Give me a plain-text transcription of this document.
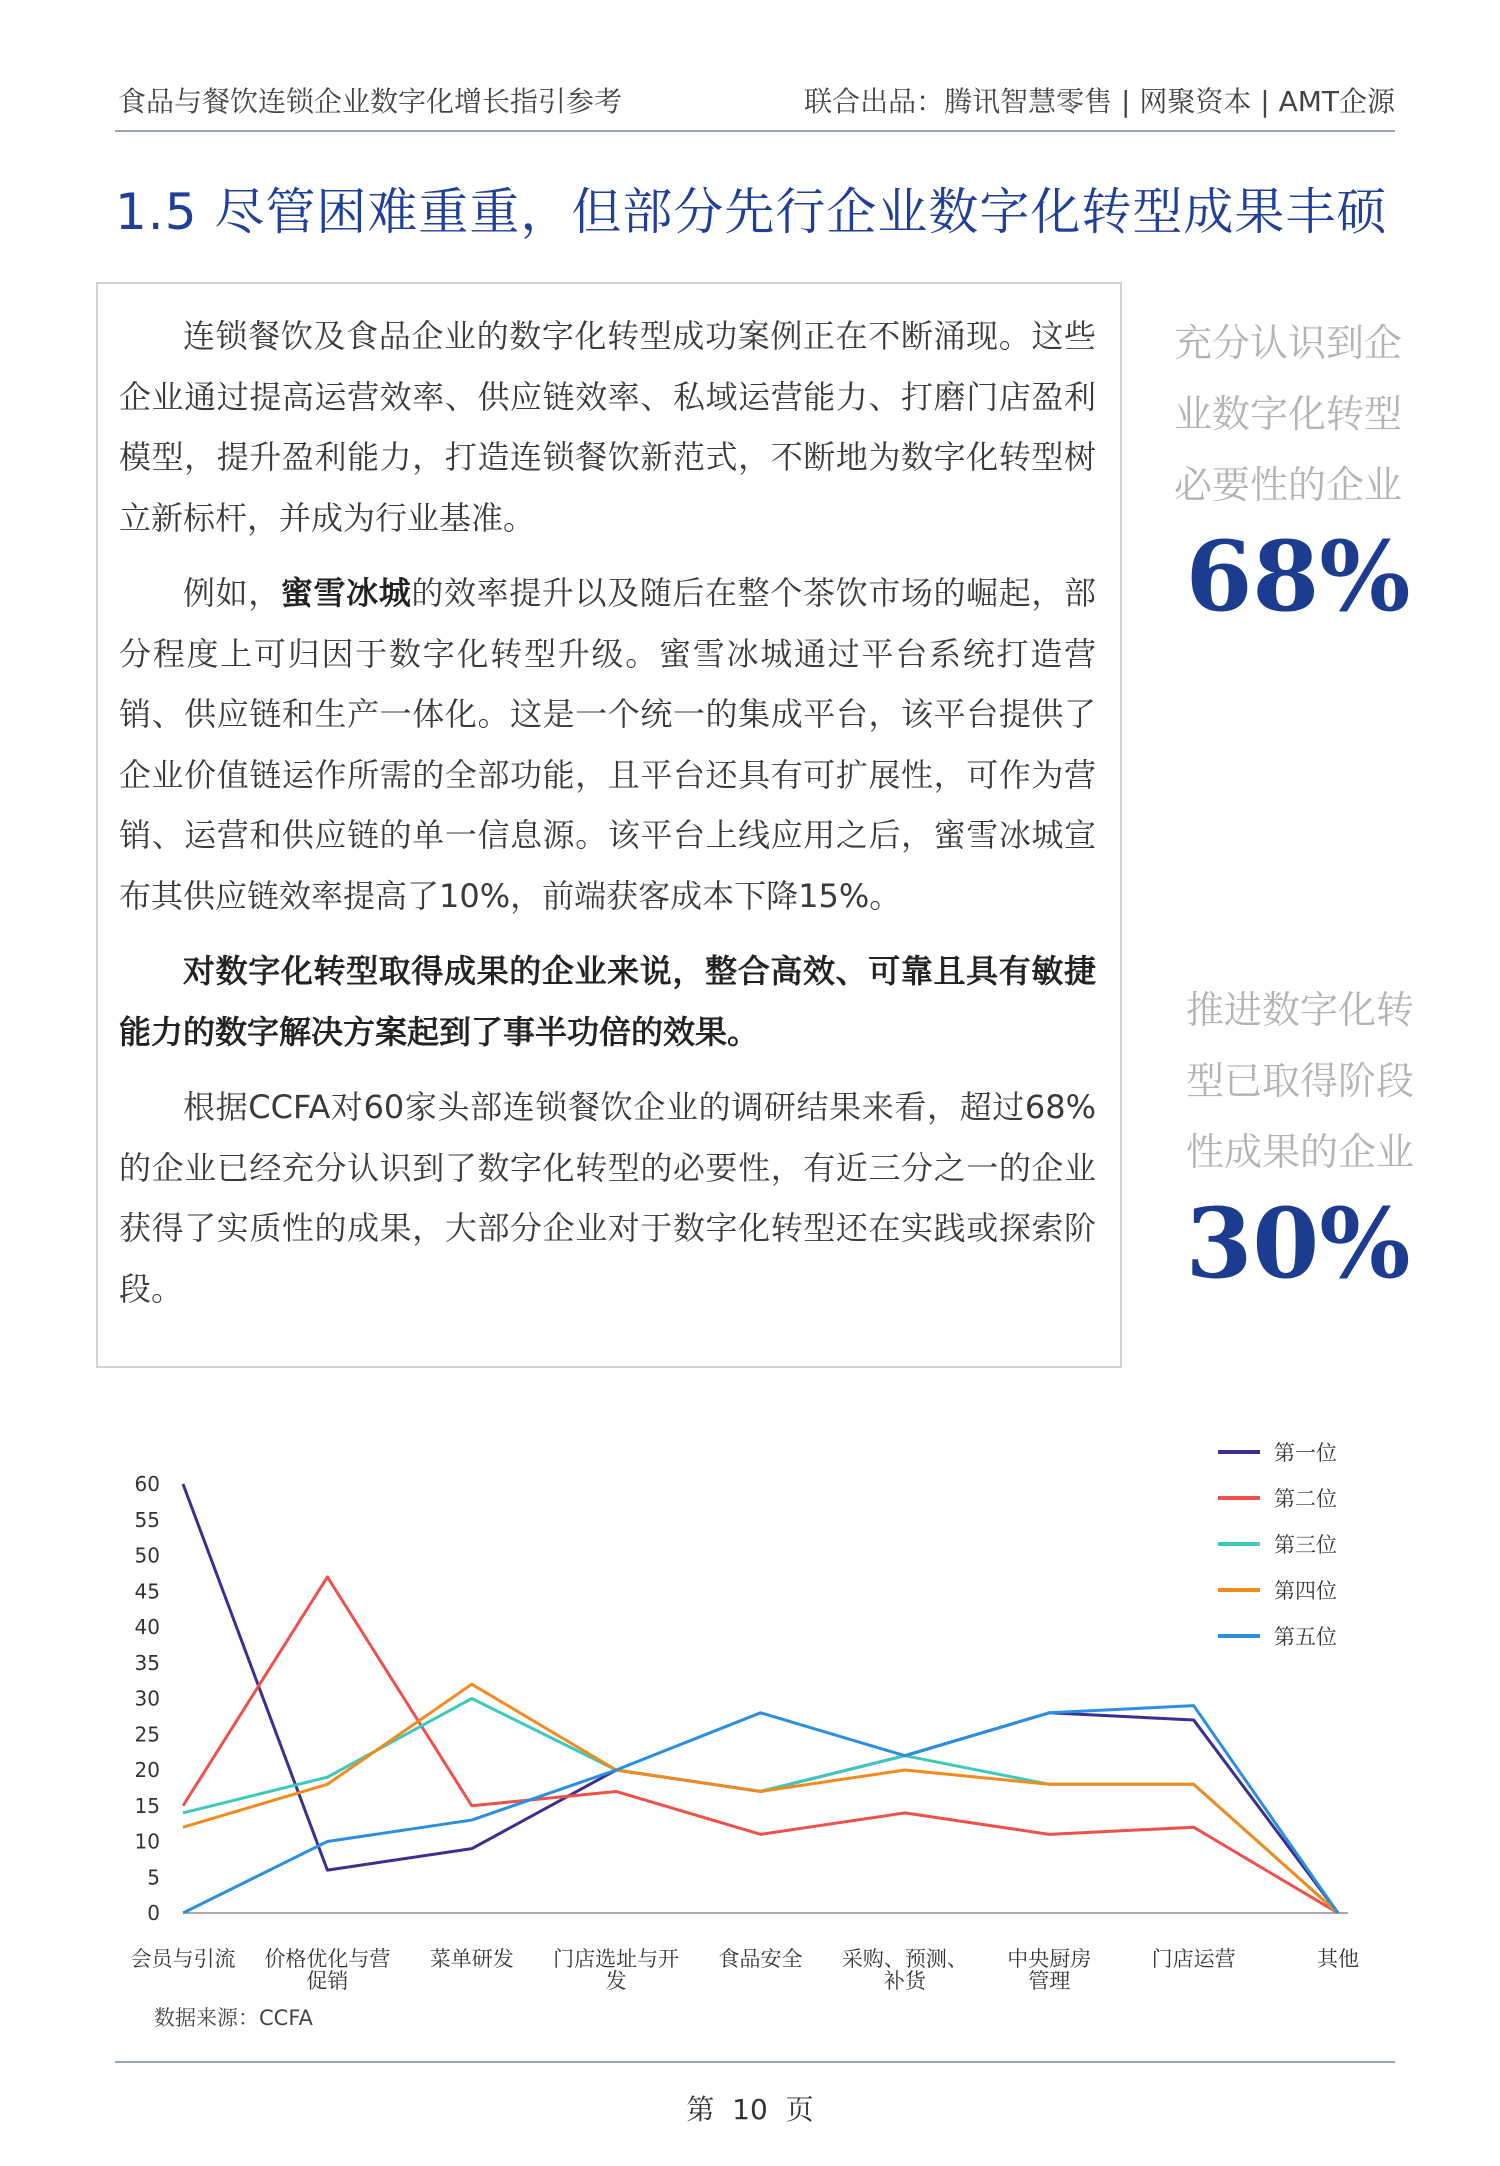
食品与餐饮连锁企业数字化增长指引参考	联合出品：腾讯智慧零售 | 网聚资本 | AMT企源
1.5 尽管困难重重，但部分先行企业数字化转型成果丰硕

连锁餐饮及食品企业的数字化转型成功案例正在不断涌现。这些企业通过提高运营效率、供应链效率、私域运营能力、打磨门店盈利模型，提升盈利能力，打造连锁餐饮新范式，不断地为数字化转型树立新标杆，并成为行业基准。

例如，蜜雪冰城的效率提升以及随后在整个茶饮市场的崛起，部分程度上可归因于数字化转型升级。蜜雪冰城通过平台系统打造营销、供应链和生产一体化。这是一个统一的集成平台，该平台提供了企业价值链运作所需的全部功能，且平台还具有可扩展性，可作为营销、运营和供应链的单一信息源。该平台上线应用之后，蜜雪冰城宣布其供应链效率提高了10%，前端获客成本下降15%。

对数字化转型取得成果的企业来说，整合高效、可靠且具有敏捷能力的数字解决方案起到了事半功倍的效果。

根据CCFA对60家头部连锁餐饮企业的调研结果来看，超过68%的企业已经充分认识到了数字化转型的必要性，有近三分之一的企业获得了实质性的成果，大部分企业对于数字化转型还在实践或探索阶段。

充分认识到企业数字化转型必要性的企业
68%
推进数字化转型已取得阶段性成果的企业
30%
0
5
10
15
20
25
30
35
40
45
50
55
60
会员与引流 价格优化与营
促销
菜单研发 门店选址与开
发
食品安全 采购、预测、
补货
中央厨房
管理
门店运营	其他
第一位
第二位
第三位
第四位
第五位
数据来源：CCFA
第  10  页
